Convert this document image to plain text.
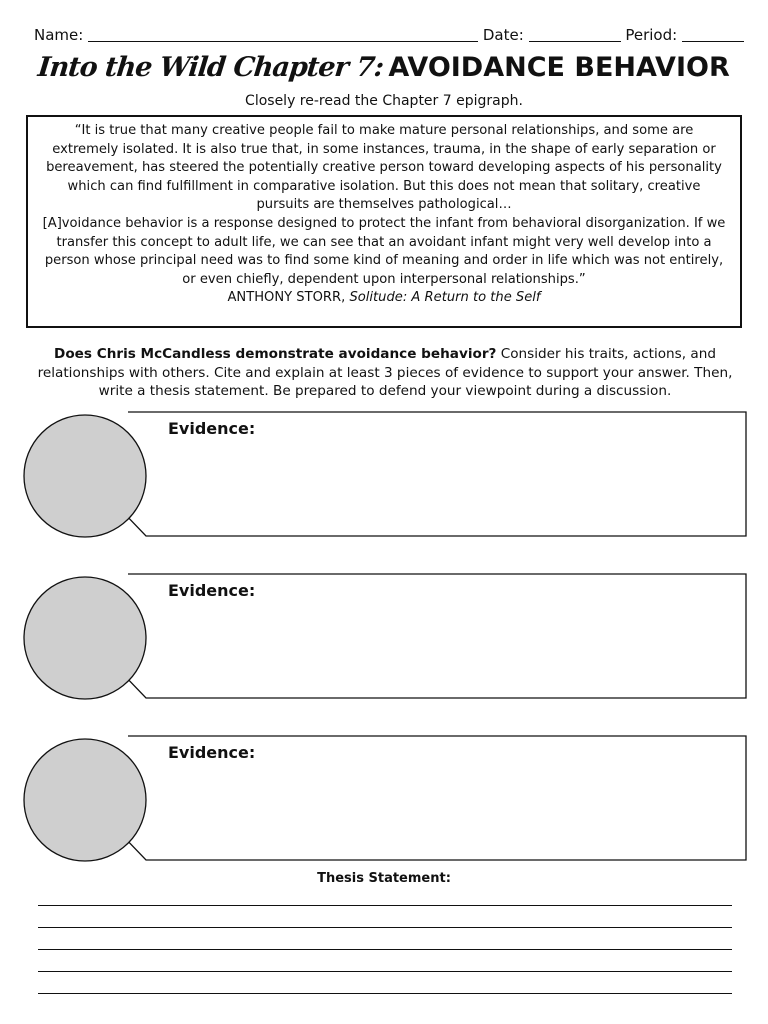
Name:	Date:	Period:
Into the Wild Chapter 7: AVOIDANCE BEHAVIOR
Closely re-read the Chapter 7 epigraph.

“It is true that many creative people fail to make mature personal relationships, and some are extremely isolated. It is also true that, in some instances, trauma, in the shape of early separation or bereavement, has steered the potentially creative person toward developing aspects of his personality which can find fulfillment in comparative isolation. But this does not mean that solitary, creative pursuits are themselves pathological…

[A]voidance behavior is a response designed to protect the infant from behavioral disorganization. If we transfer this concept to adult life, we can see that an avoidant infant might very well develop into a person whose principal need was to find some kind of meaning and order in life which was not entirely, or even chiefly, dependent upon interpersonal relationships.”

ANTHONY STORR, Solitude: A Return to the Self

Does Chris McCandless demonstrate avoidance behavior? Consider his traits, actions, and relationships with others. Cite and explain at least 3 pieces of evidence to support your answer. Then, write a thesis statement. Be prepared to defend your viewpoint during a discussion.
Evidence:
Evidence:
Evidence:
Thesis Statement:
